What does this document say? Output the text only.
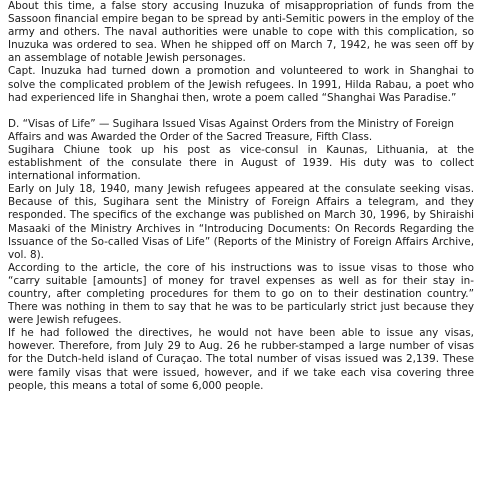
About this time, a false story accusing Inuzuka of misappropriation of funds from the Sassoon financial empire began to be spread by anti-Semitic powers in the employ of the army and others. The naval authorities were unable to cope with this complication, so Inuzuka was ordered to sea. When he shipped off on March 7, 1942, he was seen off by an assemblage of notable Jewish personages.

Capt. Inuzuka had turned down a promotion and volunteered to work in Shanghai to solve the complicated problem of the Jewish refugees. In 1991, Hilda Rabau, a poet who had experienced life in Shanghai then, wrote a poem called “Shanghai Was Paradise.”

D. “Visas of Life” — Sugihara Issued Visas Against Orders from the Ministry of Foreign Affairs and was Awarded the Order of the Sacred Treasure, Fifth Class.

Sugihara Chiune took up his post as vice-consul in Kaunas, Lithuania, at the establishment of the consulate there in August of 1939. His duty was to collect international information.

Early on July 18, 1940, many Jewish refugees appeared at the consulate seeking visas. Because of this, Sugihara sent the Ministry of Foreign Affairs a telegram, and they responded. The specifics of the exchange was published on March 30, 1996, by Shiraishi Masaaki of the Ministry Archives in “Introducing Documents: On Records Regarding the Issuance of the So-called Visas of Life” (Reports of the Ministry of Foreign Affairs Archive, vol. 8).

According to the article, the core of his instructions was to issue visas to those who “carry suitable [amounts] of money for travel expenses as well as for their stay in-country, after completing procedures for them to go on to their destination country.” There was nothing in them to say that he was to be particularly strict just because they were Jewish refugees.

If he had followed the directives, he would not have been able to issue any visas, however. Therefore, from July 29 to Aug. 26 he rubber-stamped a large number of visas for the Dutch-held island of Curaçao. The total number of visas issued was 2,139. These were family visas that were issued, however, and if we take each visa covering three people, this means a total of some 6,000 people.
